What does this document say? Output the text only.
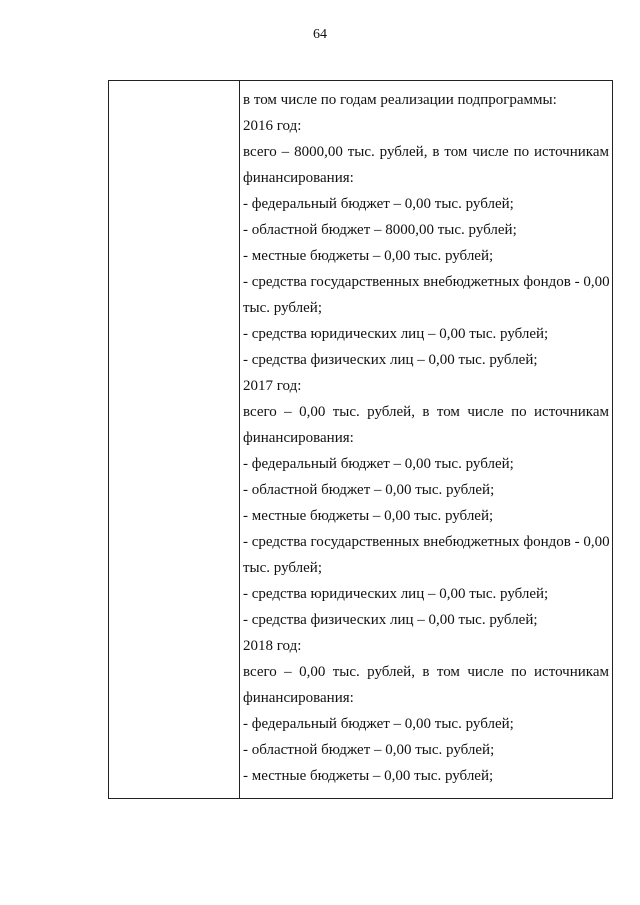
64
в том числе по годам реализации подпрограммы:
2016 год:
всего – 8000,00 тыс. рублей, в том числе по источникам
финансирования:
- федеральный бюджет – 0,00 тыс. рублей;
- областной бюджет – 8000,00 тыс. рублей;
- местные бюджеты – 0,00 тыс. рублей;
- средства государственных внебюджетных фондов - 0,00
тыс. рублей;
- средства юридических лиц – 0,00 тыс. рублей;
- средства физических лиц – 0,00 тыс. рублей;
2017 год:
всего – 0,00 тыс. рублей, в том числе по источникам
финансирования:
- федеральный бюджет – 0,00 тыс. рублей;
- областной бюджет – 0,00 тыс. рублей;
- местные бюджеты – 0,00 тыс. рублей;
- средства государственных внебюджетных фондов - 0,00
тыс. рублей;
- средства юридических лиц – 0,00 тыс. рублей;
- средства физических лиц – 0,00 тыс. рублей;
2018 год:
всего – 0,00 тыс. рублей, в том числе по источникам
финансирования:
- федеральный бюджет – 0,00 тыс. рублей;
- областной бюджет – 0,00 тыс. рублей;
- местные бюджеты – 0,00 тыс. рублей;
